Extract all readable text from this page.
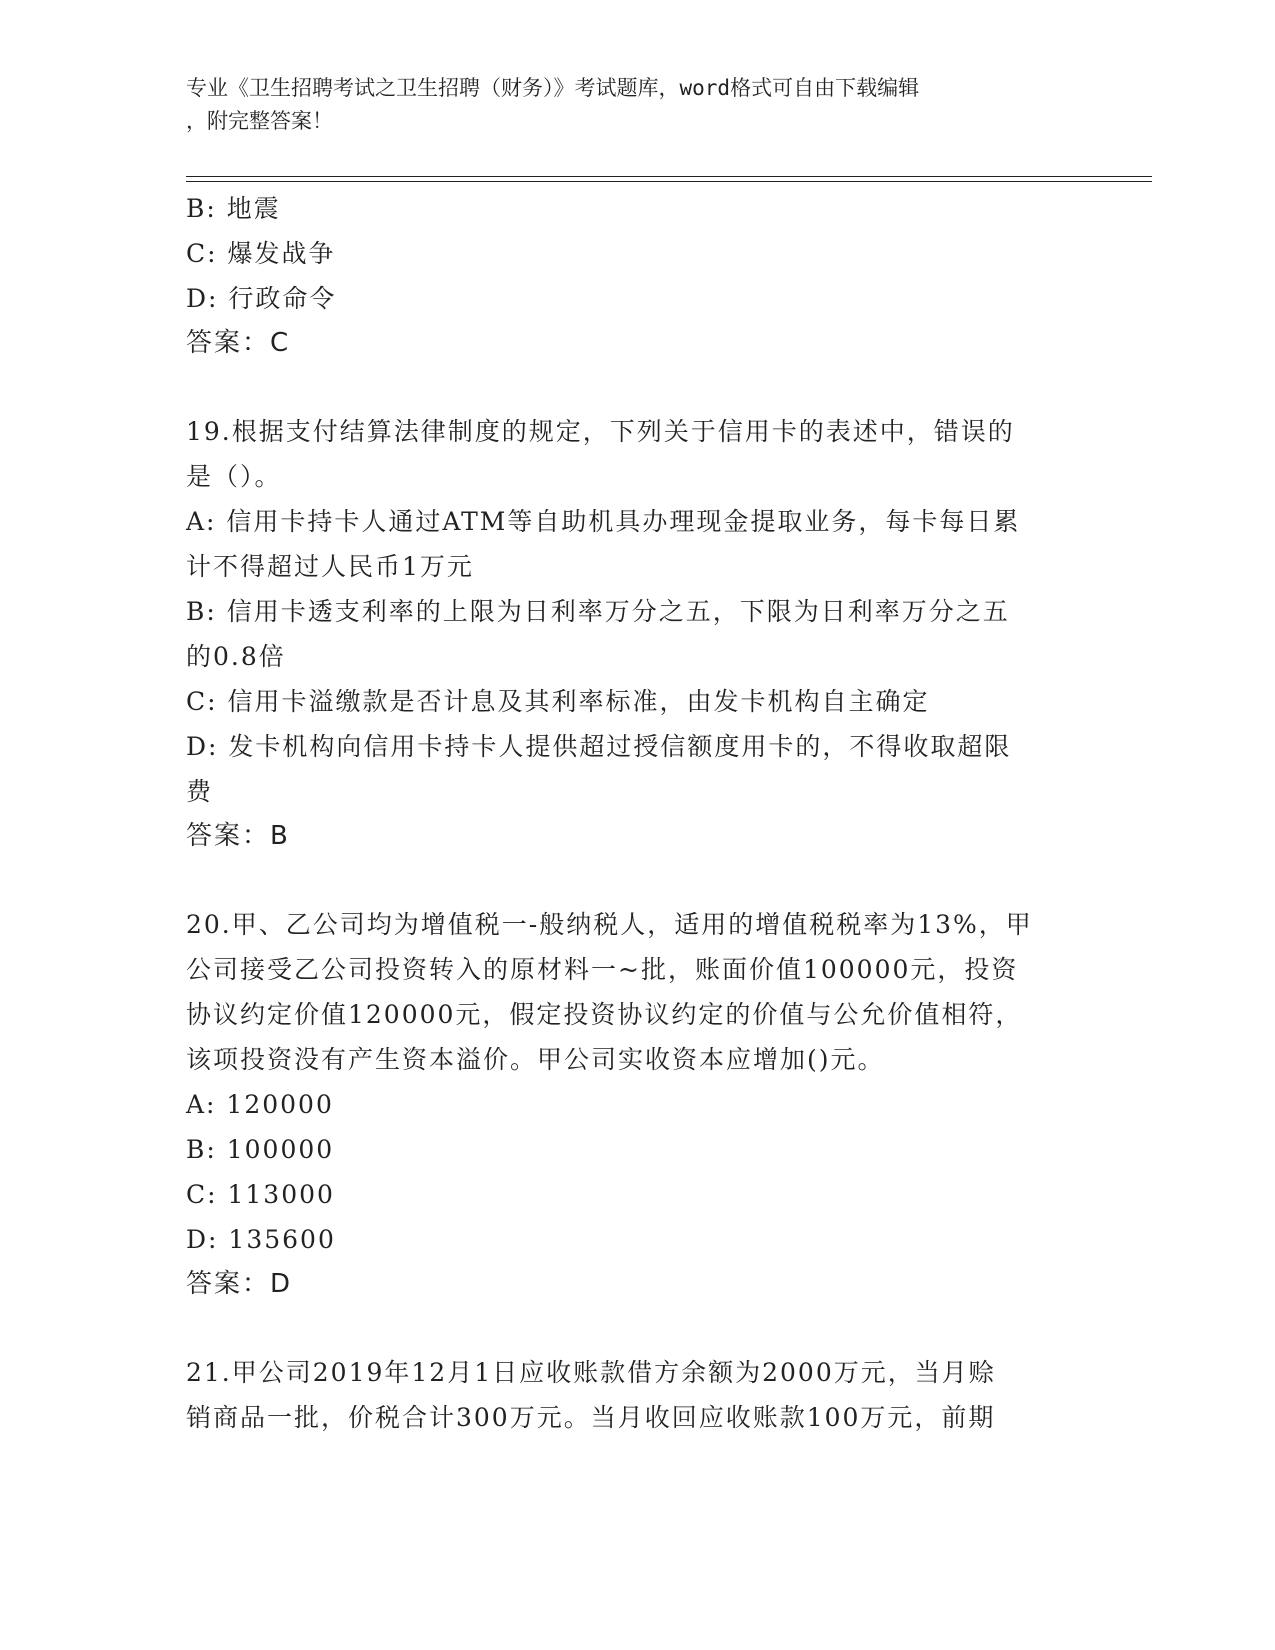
专业《卫生招聘考试之卫生招聘（财务）》考试题库，word格式可自由下载编辑
，附完整答案！
B: 地震
C: 爆发战争
D: 行政命令
答案：C
19.根据支付结算法律制度的规定，下列关于信用卡的表述中，错误的
是（）。
A: 信用卡持卡人通过ATM等自助机具办理现金提取业务，每卡每日累
计不得超过人民币1万元
B: 信用卡透支利率的上限为日利率万分之五，下限为日利率万分之五
的0.8倍
C: 信用卡溢缴款是否计息及其利率标准，由发卡机构自主确定
D: 发卡机构向信用卡持卡人提供超过授信额度用卡的，不得收取超限
费
答案：B
20.甲、乙公司均为增值税一-般纳税人，适用的增值税税率为13%，甲
公司接受乙公司投资转入的原材料一~批，账面价值100000元，投资
协议约定价值120000元，假定投资协议约定的价值与公允价值相符，
该项投资没有产生资本溢价。甲公司实收资本应增加()元。
A: 120000
B: 100000
C: 113000
D: 135600
答案：D
21.甲公司2019年12月1日应收账款借方余额为2000万元，当月赊
销商品一批，价税合计300万元。当月收回应收账款100万元，前期
